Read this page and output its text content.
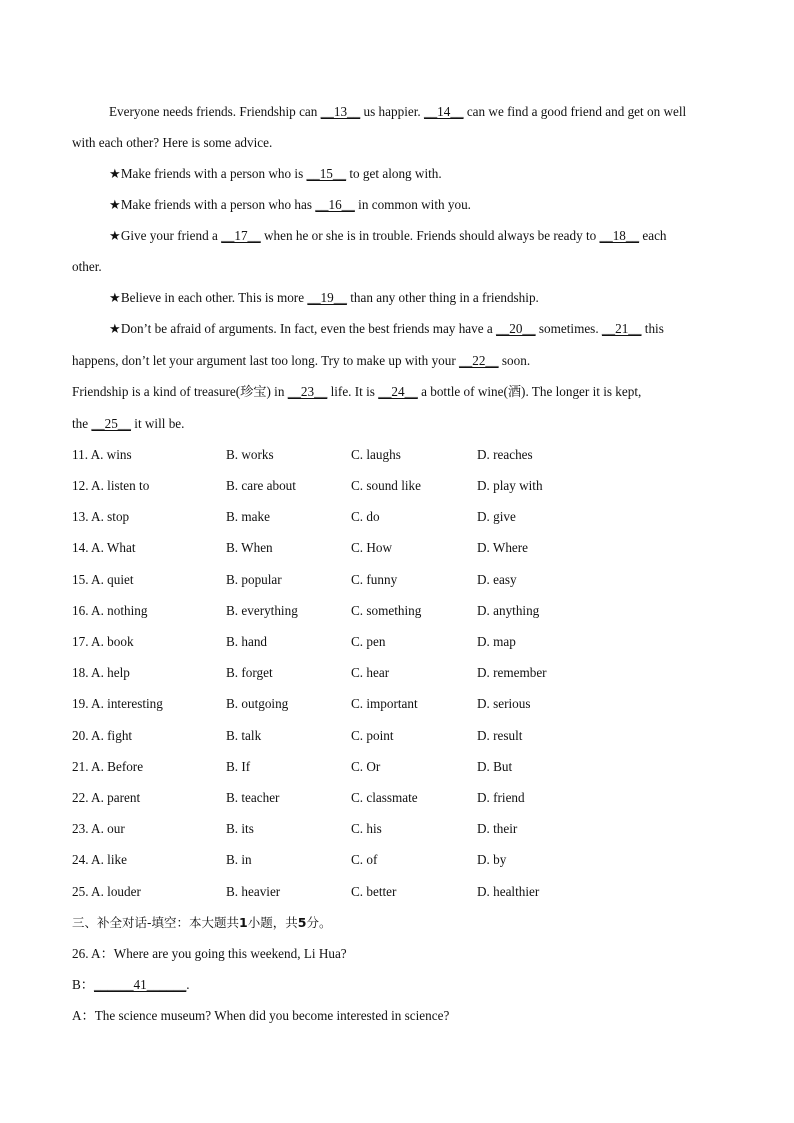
Everyone needs friends. Friendship can __13__ us happier. __14__ can we find a good friend and get on well
with each other? Here is some advice.
★Make friends with a person who is __15__ to get along with.
★Make friends with a person who has __16__ in common with you.
★Give your friend a __17__ when he or she is in trouble. Friends should always be ready to __18__ each
other.
★Believe in each other. This is more __19__ than any other thing in a friendship.
★Don’t be afraid of arguments. In fact, even the best friends may have a __20__ sometimes. __21__ this
happens, don’t let your argument last too long. Try to make up with your __22__ soon.
Friendship is a kind of treasure(珍宝) in __23__ life. It is __24__ a bottle of wine(酒). The longer it is kept,
the __25__ it will be.
11. A. wins	B. works	C. laughs	D. reaches
12. A. listen to	B. care about	C. sound like	D. play with
13. A. stop	B. make	C. do	D. give
14. A. What	B. When	C. How	D. Where
15. A. quiet	B. popular	C. funny	D. easy
16. A. nothing	B. everything	C. something	D. anything
17. A. book	B. hand	C. pen	D. map
18. A. help	B. forget	C. hear	D. remember
19. A. interesting	B. outgoing	C. important	D. serious
20. A. fight	B. talk	C. point	D. result
21. A. Before	B. If	C. Or	D. But
22. A. parent	B. teacher	C. classmate	D. friend
23. A. our	B. its	C. his	D. their
24. A. like	B. in	C. of	D. by
25. A. louder	B. heavier	C. better	D. healthier
三、补全对话-填空：本大题共1小题，共5分。
26. A：Where are you going this weekend, Li Hua?
B：______41______.
A：The science museum? When did you become interested in science?
